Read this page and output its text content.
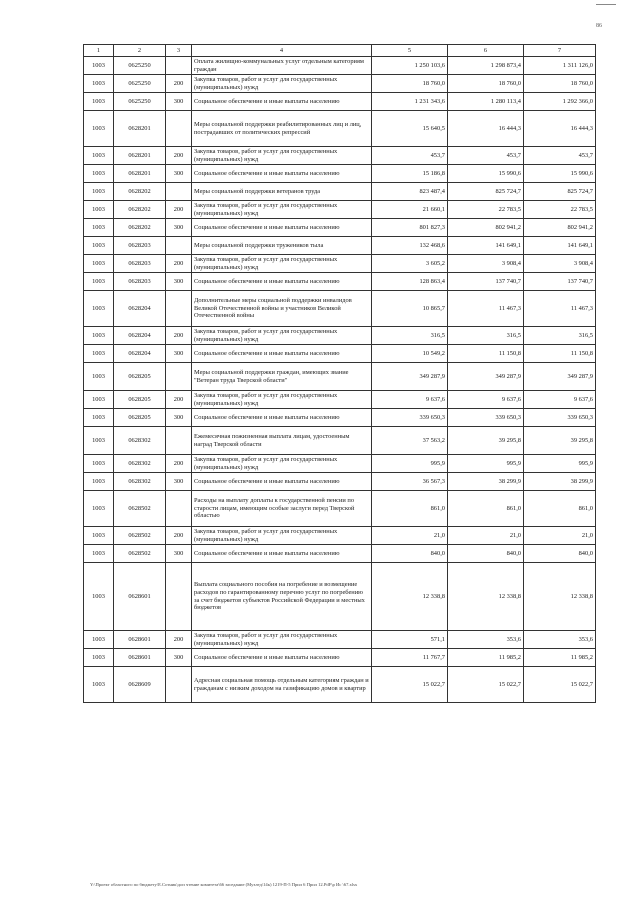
86
1	2	3	4	5	6	7
1003	0625250		Оплата жилищно-коммунальных услуг отдельным категориям граждан	1 250 103,6	1 298 873,4	1 311 126,0
1003	0625250	200	Закупка товаров, работ и услуг для государственных (муниципальных) нужд	18 760,0	18 760,0	18 760,0
1003	0625250	300	Социальное обеспечение и иные выплаты населению	1 231 343,6	1 280 113,4	1 292 366,0
1003	0628201		Меры социальной поддержки реабилитированных лиц и лиц, пострадавших от политических репрессий	15 640,5	16 444,3	16 444,3
1003	0628201	200	Закупка товаров, работ и услуг для государственных (муниципальных) нужд	453,7	453,7	453,7
1003	0628201	300	Социальное обеспечение и иные выплаты населению	15 186,8	15 990,6	15 990,6
1003	0628202		Меры социальной поддержки ветеранов труда	823 487,4	825 724,7	825 724,7
1003	0628202	200	Закупка товаров, работ и услуг для государственных (муниципальных) нужд	21 660,1	22 783,5	22 783,5
1003	0628202	300	Социальное обеспечение и иные выплаты населению	801 827,3	802 941,2	802 941,2
1003	0628203		Меры социальной поддержки тружеников тыла	132 468,6	141 649,1	141 649,1
1003	0628203	200	Закупка товаров, работ и услуг для государственных (муниципальных) нужд	3 605,2	3 908,4	3 908,4
1003	0628203	300	Социальное обеспечение и иные выплаты населению	128 863,4	137 740,7	137 740,7
1003	0628204		Дополнительные меры социальной поддержки инвалидов Великой Отечественной войны и участников Великой Отечественной войны	10 865,7	11 467,3	11 467,3
1003	0628204	200	Закупка товаров, работ и услуг для государственных (муниципальных) нужд	316,5	316,5	316,5
1003	0628204	300	Социальное обеспечение и иные выплаты населению	10 549,2	11 150,8	11 150,8
1003	0628205		Меры социальной поддержки граждан, имеющих звание "Ветеран труда Тверской области"	349 287,9	349 287,9	349 287,9
1003	0628205	200	Закупка товаров, работ и услуг для государственных (муниципальных) нужд	9 637,6	9 637,6	9 637,6
1003	0628205	300	Социальное обеспечение и иные выплаты населению	339 650,3	339 650,3	339 650,3
1003	0628302		Ежемесячная пожизненная выплата лицам, удостоенным наград Тверской области	37 563,2	39 295,8	39 295,8
1003	0628302	200	Закупка товаров, работ и услуг для государственных (муниципальных) нужд	995,9	995,9	995,9
1003	0628302	300	Социальное обеспечение и иные выплаты населению	36 567,3	38 299,9	38 299,9
1003	0628502		Расходы на выплату доплаты к государственной пенсии по старости лицам, имеющим особые заслуги перед Тверской областью	861,0	861,0	861,0
1003	0628502	200	Закупка товаров, работ и услуг для государственных (муниципальных) нужд	21,0	21,0	21,0
1003	0628502	300	Социальное обеспечение и иные выплаты населению	840,0	840,0	840,0
1003	0628601		Выплата социального пособия на погребение и возмещение расходов по гарантированному перечню услуг по погребению за счет бюджетов субъектов Российской Федерации и местных бюджетов	12 338,8	12 338,8	12 338,8
1003	0628601	200	Закупка товаров, работ и услуг для государственных (муниципальных) нужд	571,1	353,6	353,6
1003	0628601	300	Социальное обеспечение и иные выплаты населению	11 767,7	11 985,2	11 985,2
1003	0628609		Адресная социальная помощь отдельным категориям граждан и гражданам с низким доходом на газификацию домов и квартир	15 022,7	15 022,7	15 022,7
Y:\Проект областного по бюджету\Е.Сотник\доп чтение комитета\66 заседание (Музлед\14к) 1219-П-5 Прил 6 Прил 12.PdF\р Ис \67.xlsx
